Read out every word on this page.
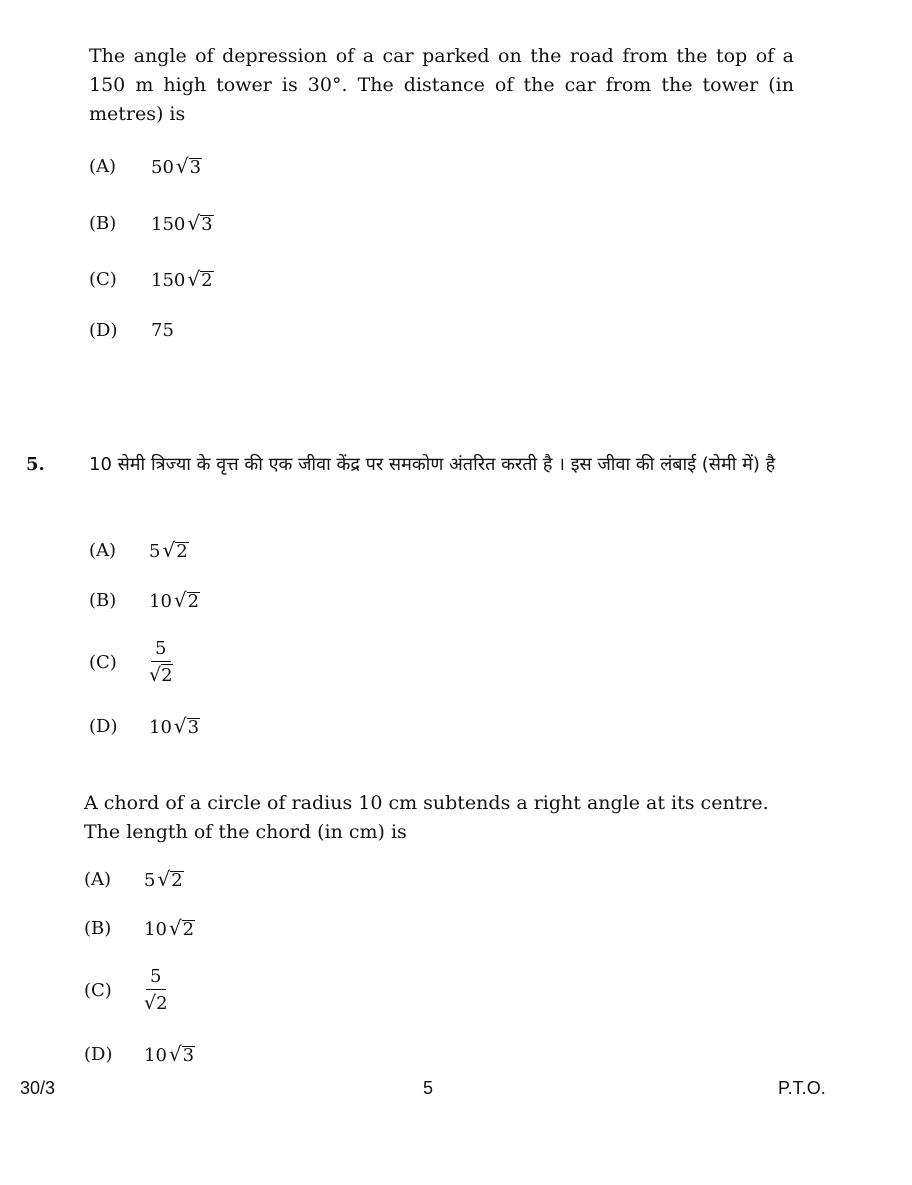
The angle of depression of a car parked on the road from the top of a 150 m high tower is 30°. The distance of the car from the tower (in metres) is
(A)	50 √3
(B)	150 √3
(C)	150 √2
(D)	75
5. 10 सेमी त्रिज्या के वृत्त की एक जीवा केंद्र पर समकोण अंतरित करती है । इस जीवा की लंबाई (सेमी में) है
(A)	5 √2
(B)	10 √2
(C)	$\frac{5}{√2}$
(D)	10 √3
A chord of a circle of radius 10 cm subtends a right angle at its centre. The length of the chord (in cm) is
(A)	5 √2
(B)	10 √2
(C)	$\frac{5}{√2}$
(D)	10 √3
30/3	5	P.T.O.
